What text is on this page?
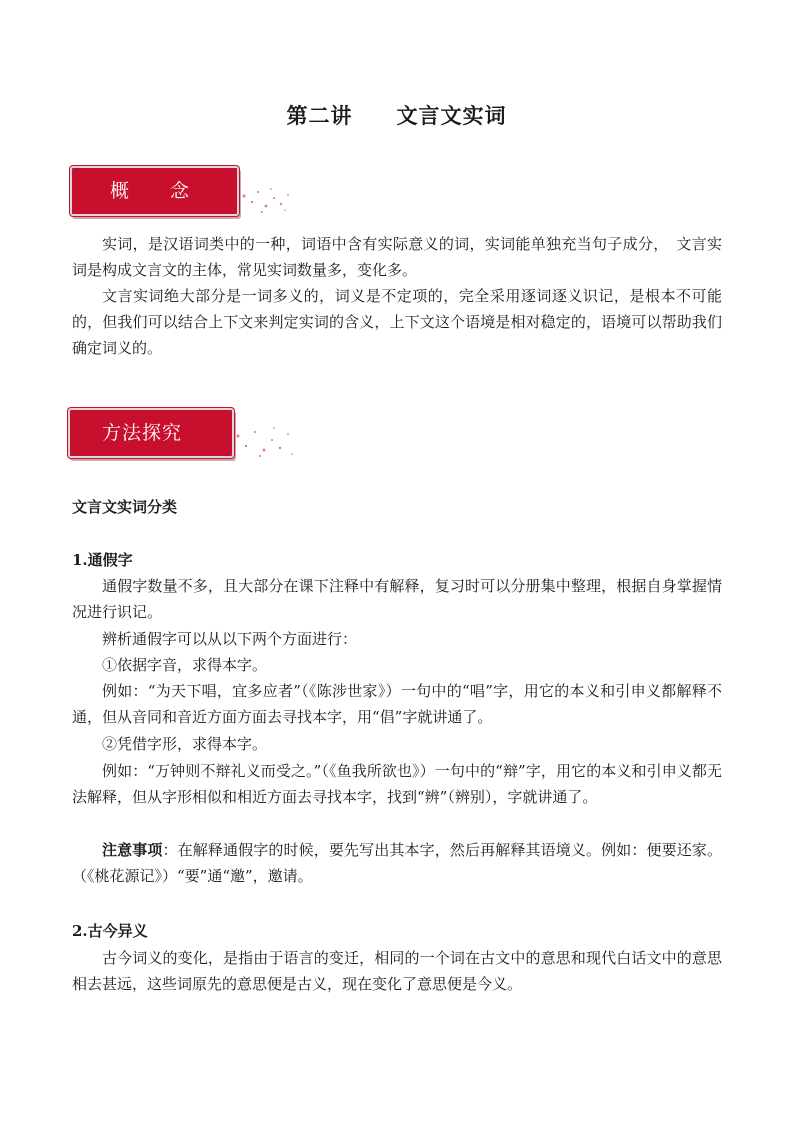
第二讲　　文言文实词
概　　念

实词，是汉语词类中的一种，词语中含有实际意义的词，实词能单独充当句子成分，　文言实词是构成文言文的主体，常见实词数量多，变化多。

文言实词绝大部分是一词多义的，词义是不定项的，完全采用逐词逐义识记，是根本不可能的，但我们可以结合上下文来判定实词的含义，上下文这个语境是相对稳定的，语境可以帮助我们确定词义的。

方法探究
文言文实词分类
1.通假字

通假字数量不多，且大部分在课下注释中有解释，复习时可以分册集中整理，根据自身掌握情况进行识记。

辨析通假字可以从以下两个方面进行：

①依据字音，求得本字。

例如：“为天下唱，宜多应者”（《陈涉世家》）一句中的“唱”字，用它的本义和引申义都解释不通，但从音同和音近方面方面去寻找本字，用“倡”字就讲通了。

②凭借字形，求得本字。

例如：“万钟则不辩礼义而受之。”（《鱼我所欲也》）一句中的“辩”字，用它的本义和引申义都无法解释，但从字形相似和相近方面去寻找本字，找到“辨”（辨别），字就讲通了。

注意事项：在解释通假字的时候，要先写出其本字，然后再解释其语境义。例如：便要还家。（《桃花源记》）“要”通“邀”，邀请。

2.古今异义

古今词义的变化，是指由于语言的变迁，相同的一个词在古文中的意思和现代白话文中的意思相去甚远，这些词原先的意思便是古义，现在变化了意思便是今义。
